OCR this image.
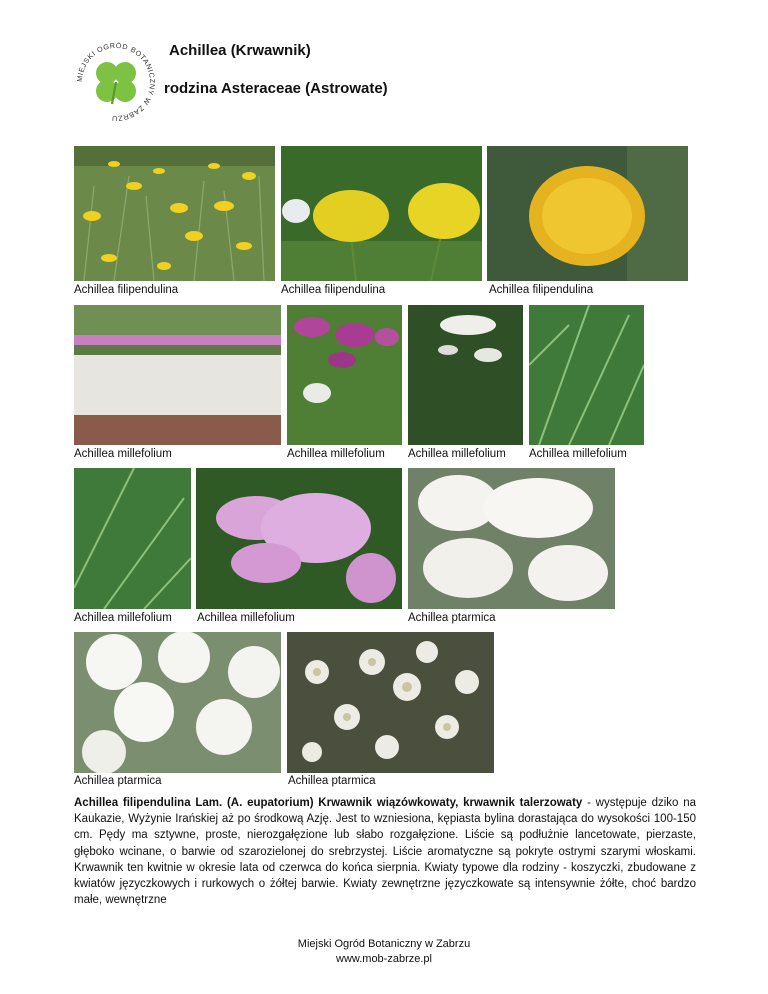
MIEJSKI OGRÓD BOTANICZNY W ZABRZU
Achillea (Krwawnik)
rodzina Asteraceae (Astrowate)
Achillea filipendulina	Achillea filipendulina	Achillea filipendulina
Achillea millefolium	Achillea millefolium Achillea millefolium Achillea millefolium
Achillea millefolium Achillea millefolium	Achillea ptarmica
Achillea ptarmica	Achillea ptarmica
Achillea filipendulina Lam. (A. eupatorium) Krwawnik wiązówkowaty, krwawnik talerzowaty - występuje dziko na Kaukazie, Wyżynie Irańskiej aż po środkową Azję. Jest to wzniesiona, kępiasta bylina dorastająca do wysokości 100-150 cm. Pędy ma sztywne, proste, nierozgałęzione lub słabo rozgałęzione. Liście są podłużnie lancetowate, pierzaste, głęboko wcinane, o barwie od szarozielonej do srebrzystej. Liście aromatyczne są pokryte ostrymi szarymi włoskami. Krwawnik ten kwitnie w okresie lata od czerwca do końca sierpnia. Kwiaty typowe dla rodziny - koszyczki, zbudowane z kwiatów języczkowych i rurkowych o żółtej barwie. Kwiaty zewnętrzne języczkowate są intensywnie żółte, choć bardzo małe, wewnętrzne
Miejski Ogród Botaniczny w Zabrzu
www.mob-zabrze.pl
